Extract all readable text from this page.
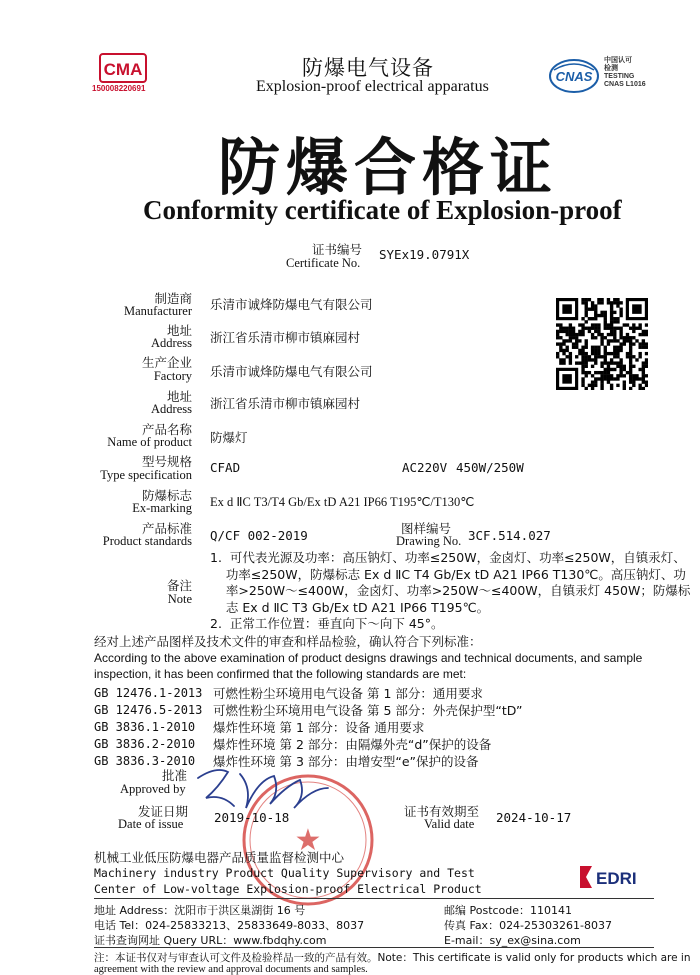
CMA
150008220691
防爆电气设备
Explosion-proof electrical apparatus
CNAS
中国认可
检测
TESTING
CNAS L1016
防爆合格证
Conformity certificate of Explosion-proof
证书编号
Certificate No.
SYEx19.0791X
制造商
Manufacturer 乐清市诚烽防爆电气有限公司
地址
Address 浙江省乐清市柳市镇麻园村
生产企业
Factory 乐清市诚烽防爆电气有限公司
地址
Address 浙江省乐清市柳市镇麻园村
产品名称
Name of product 防爆灯
型号规格
Type specification CFAD	AC220V 450W/250W
防爆标志
Ex-marking Ex d ⅡC T3/T4 Gb/Ex tD A21 IP66 T195℃/T130℃
产品标准
Product standards Q/CF 002-2019	图样编号
Drawing No. 3CF.514.027
备注
Note
1.  可代表光源及功率：高压钠灯、功率≤250W，金卤灯、功率≤250W，自镇汞灯、
功率≤250W，防爆标志 Ex d ⅡC T4 Gb/Ex tD A21 IP66 T130℃。高压钠灯、功
率>250W～≤400W，金卤灯、功率>250W～≤400W，自镇汞灯 450W；防爆标
志 Ex d ⅡC T3 Gb/Ex tD A21 IP66 T195℃。
2.  正常工作位置：垂直向下～向下 45°。
经对上述产品图样及技术文件的审查和样品检验，确认符合下列标准：
According to the above examination of product designs drawings and technical documents, and sample
inspection, it has been confirmed that the following standards are met:
GB 12476.1-2013 可燃性粉尘环境用电气设备 第 1 部分：通用要求
GB 12476.5-2013 可燃性粉尘环境用电气设备 第 5 部分：外壳保护型“tD”
GB 3836.1-2010 爆炸性环境 第 1 部分：设备 通用要求
GB 3836.2-2010 爆炸性环境 第 2 部分：由隔爆外壳“d”保护的设备
GB 3836.3-2010 爆炸性环境 第 3 部分：由增安型“e”保护的设备
★
批准
Approved by
发证日期
Date of issue 2019-10-18	证书有效期至
Valid date 2024-10-17
机械工业低压防爆电器产品质量监督检测中心
Machinery industry Product Quality Supervisory and Test
Center of Low-voltage Explosion-proof Electrical Product
EDRI
地址 Address：沈阳市于洪区巢湖街 16 号	邮编 Postcode：110141
电话 Tel：024-25833213、25833649-8033、8037	传真 Fax：024-25303261-8037
证书查询网址 Query URL：www.fbdqhy.com	E-mail：sy_ex@sina.com
注：本证书仅对与审查认可文件及检验样品一致的产品有效。Note：This certificate is valid only for products which are in
agreement with the review and approval documents and samples.
